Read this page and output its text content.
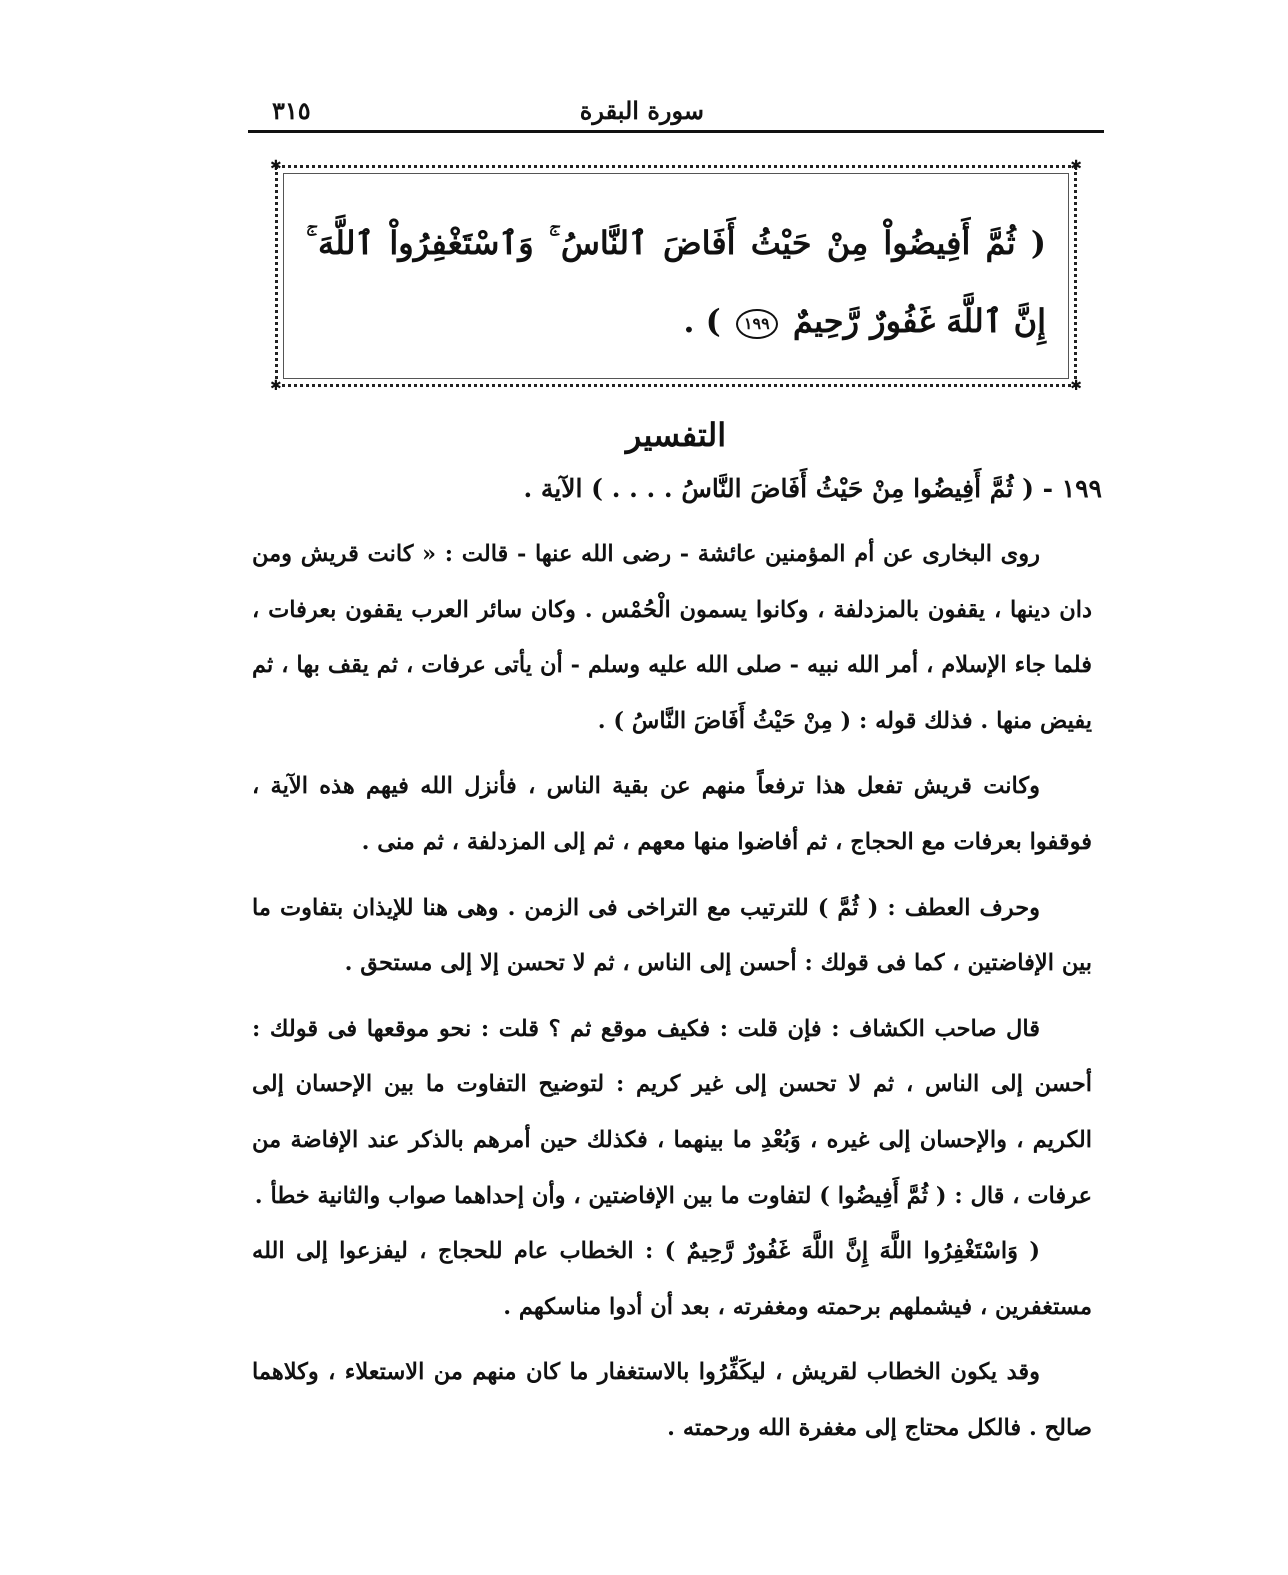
سورة البقرة
٣١٥
✱	✱
✱	✱
( ثُمَّ أَفِيضُواْ مِنْ حَيْثُ أَفَاضَ ٱلنَّاسُ ۚ وَٱسْتَغْفِرُواْ ٱللَّهَ ۚ إِنَّ ٱللَّهَ غَفُورٌ رَّحِيمٌ ١٩٩ ) .
التفسير
١٩٩ - ( ثُمَّ أَفِيضُوا مِنْ حَيْثُ أَفَاضَ النَّاسُ . . . . ) الآية .

روى البخارى عن أم المؤمنين عائشة - رضى الله عنها - قالت : « كانت قريش ومن دان دينها ، يقفون بالمزدلفة ، وكانوا يسمون الْحُمْس . وكان سائر العرب يقفون بعرفات ، فلما جاء الإسلام ، أمر الله نبيه - صلى الله عليه وسلم - أن يأتى عرفات ، ثم يقف بها ، ثم يفيض منها . فذلك قوله : ( مِنْ حَيْثُ أَفَاضَ النَّاسُ ) .

وكانت قريش تفعل هذا ترفعاً منهم عن بقية الناس ، فأنزل الله فيهم هذه الآية ، فوقفوا بعرفات مع الحجاج ، ثم أفاضوا منها معهم ، ثم إلى المزدلفة ، ثم منى .

وحرف العطف : ( ثُمَّ ) للترتيب مع التراخى فى الزمن . وهى هنا للإيذان بتفاوت ما بين الإفاضتين ، كما فى قولك : أحسن إلى الناس ، ثم لا تحسن إلا إلى مستحق .

قال صاحب الكشاف : فإن قلت : فكيف موقع ثم ؟ قلت : نحو موقعها فى قولك : أحسن إلى الناس ، ثم لا تحسن إلى غير كريم : لتوضيح التفاوت ما بين الإحسان إلى الكريم ، والإحسان إلى غيره ، وَبُعْدِ ما بينهما ، فكذلك حين أمرهم بالذكر عند الإفاضة من عرفات ، قال : ( ثُمَّ أَفِيضُوا ) لتفاوت ما بين الإفاضتين ، وأن إحداهما صواب والثانية خطأ .

( وَاسْتَغْفِرُوا اللَّهَ إِنَّ اللَّهَ غَفُورٌ رَّحِيمٌ ) : الخطاب عام للحجاج ، ليفزعوا إلى الله مستغفرين ، فيشملهم برحمته ومغفرته ، بعد أن أدوا مناسكهم .

وقد يكون الخطاب لقريش ، ليكَفِّرُوا بالاستغفار ما كان منهم من الاستعلاء ، وكلاهما صالح . فالكل محتاج إلى مغفرة الله ورحمته .
